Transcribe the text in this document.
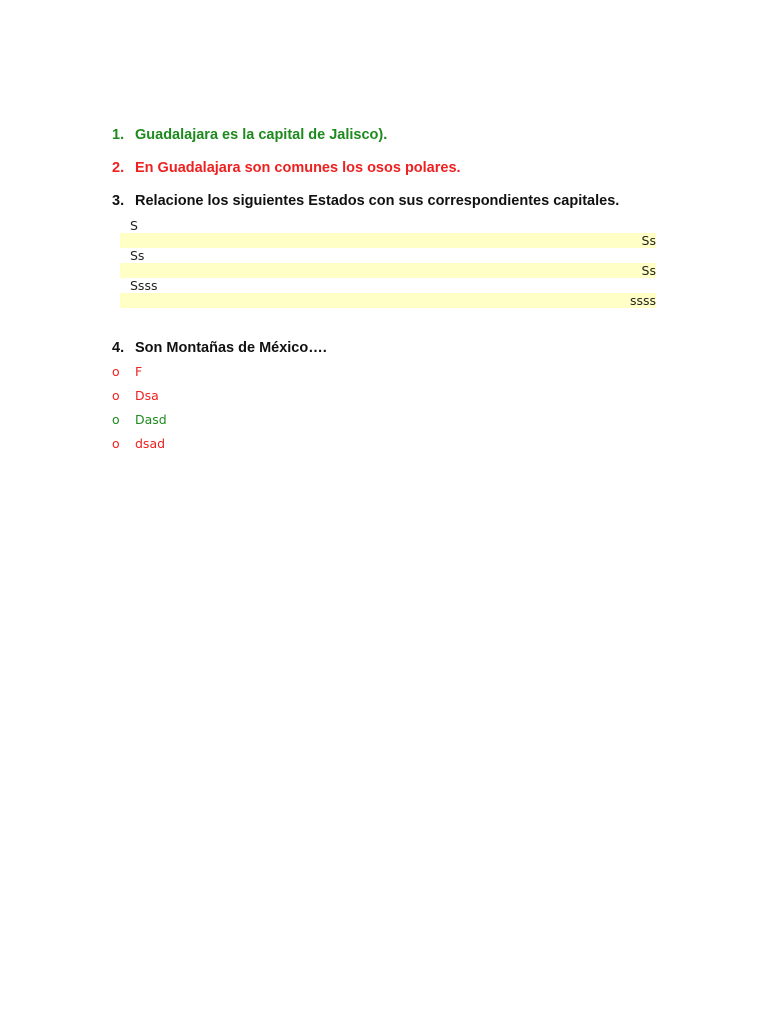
1. Guadalajara es la capital de Jalisco).
2. En Guadalajara son comunes los osos polares.
3. Relacione los siguientes Estados con sus correspondientes capitales.
S
Ss
Ss
Ss
Ssss
ssss
4. Son Montañas de México….
o F
o Dsa
o Dasd
o dsad
